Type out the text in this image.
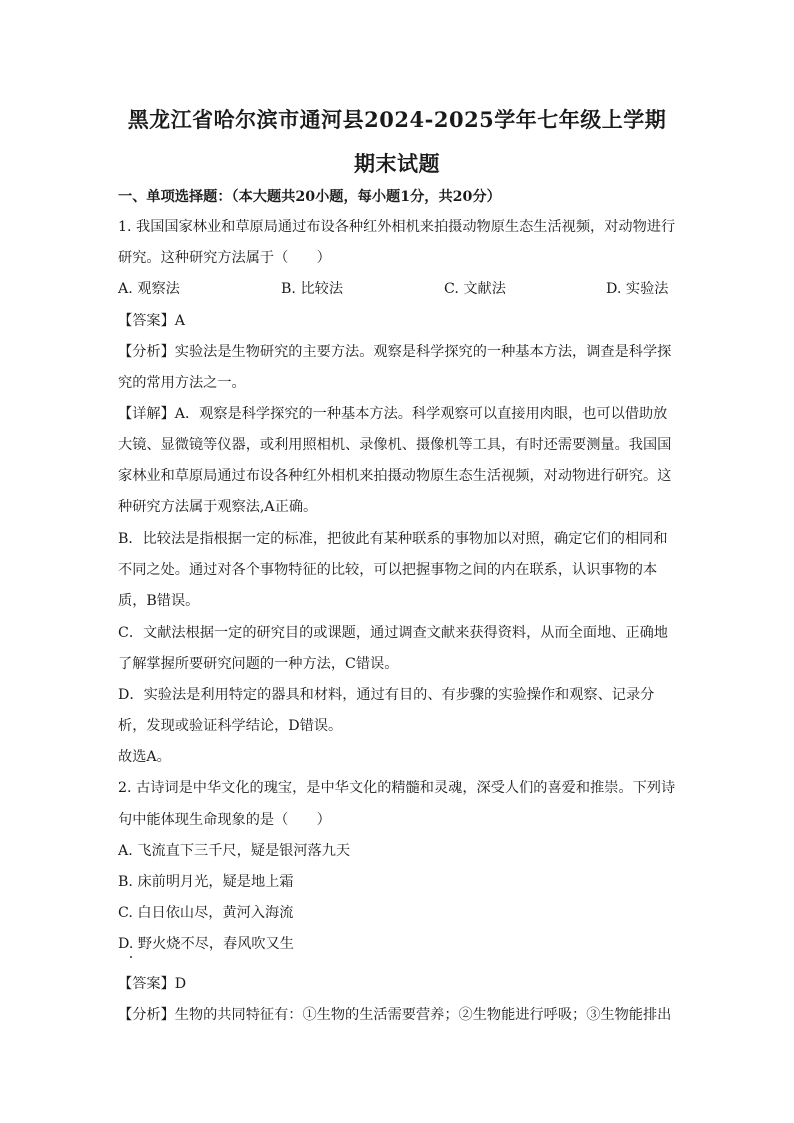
黑龙江省哈尔滨市通河县2024-2025学年七年级上学期
期末试题
一、单项选择题：（本大题共20小题，每小题1分，共20分）
1. 我国国家林业和草原局通过布设各种红外相机来拍摄动物原生态生活视频，对动物进行
研究。这种研究方法属于（　　）
A. 观察法	B. 比较法	C. 文献法	D. 实验法
【答案】A
【分析】实验法是生物研究的主要方法。观察是科学探究的一种基本方法，调查是科学探
究的常用方法之一。
【详解】A．观察是科学探究的一种基本方法。科学观察可以直接用肉眼，也可以借助放
大镜、显微镜等仪器，或利用照相机、录像机、摄像机等工具，有时还需要测量。我国国
家林业和草原局通过布设各种红外相机来拍摄动物原生态生活视频，对动物进行研究。这
种研究方法属于观察法,A正确。
B．比较法是指根据一定的标准，把彼此有某种联系的事物加以对照，确定它们的相同和
不同之处。通过对各个事物特征的比较，可以把握事物之间的内在联系，认识事物的本
质，B错误。
C．文献法根据一定的研究目的或课题，通过调查文献来获得资料，从而全面地、正确地
了解掌握所要研究问题的一种方法，C错误。
D．实验法是利用特定的器具和材料，通过有目的、有步骤的实验操作和观察、记录分
析，发现或验证科学结论，D错误。
故选A。
2. 古诗词是中华文化的瑰宝，是中华文化的精髓和灵魂，深受人们的喜爱和推崇。下列诗
句中能体现生命现象的是（　　）
A. 飞流直下三千尺，疑是银河落九天
B. 床前明月光，疑是地上霜
C. 白日依山尽，黄河入海流
D. 野火烧不尽，春风吹又生
【答案】D
【分析】生物的共同特征有：①生物的生活需要营养；②生物能进行呼吸；③生物能排出
